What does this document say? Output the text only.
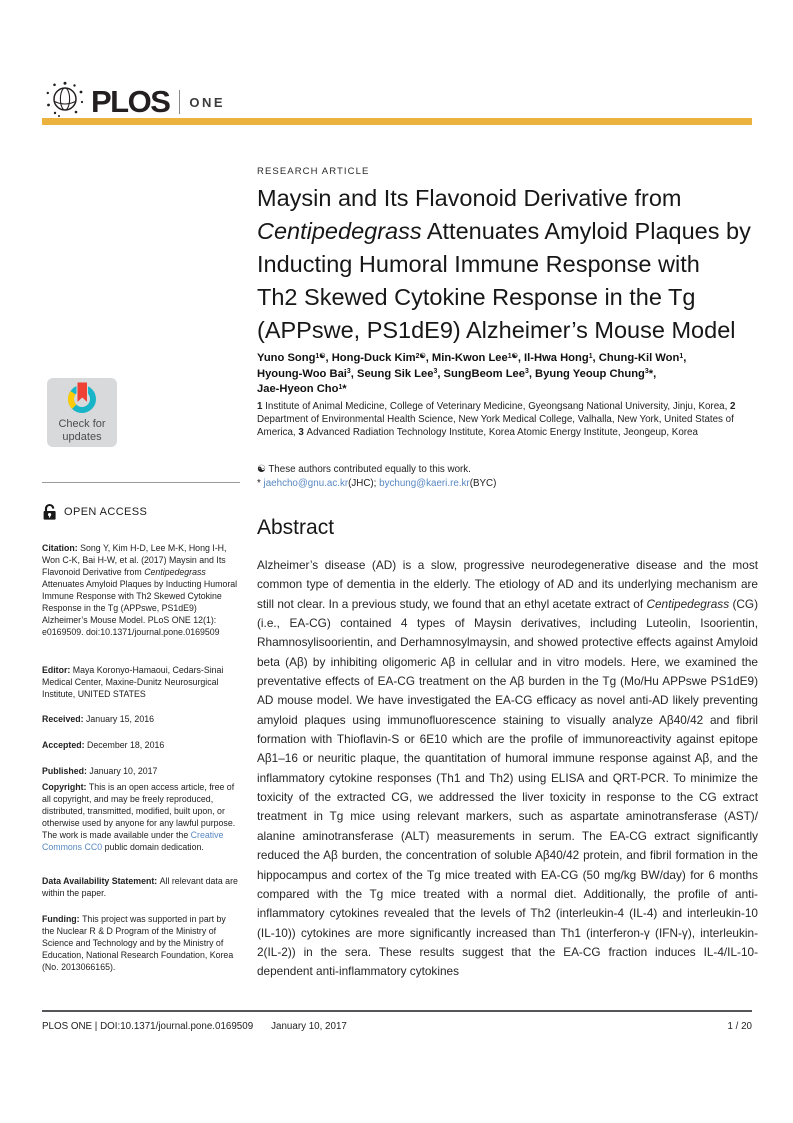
PLOS ONE
Check for
updates
OPEN ACCESS

Citation: Song Y, Kim H-D, Lee M-K, Hong I-H, Won C-K, Bai H-W, et al. (2017) Maysin and Its Flavonoid Derivative from Centipedegrass Attenuates Amyloid Plaques by Inducting Humoral Immune Response with Th2 Skewed Cytokine Response in the Tg (APPswe, PS1dE9) Alzheimer’s Mouse Model. PLoS ONE 12(1): e0169509. doi:10.1371/journal.pone.0169509

Editor: Maya Koronyo-Hamaoui, Cedars-Sinai Medical Center, Maxine-Dunitz Neurosurgical Institute, UNITED STATES

Received: January 15, 2016

Accepted: December 18, 2016

Published: January 10, 2017

Copyright: This is an open access article, free of all copyright, and may be freely reproduced, distributed, transmitted, modified, built upon, or otherwise used by anyone for any lawful purpose. The work is made available under the Creative Commons CC0 public domain dedication.

Data Availability Statement: All relevant data are within the paper.

Funding: This project was supported in part by the Nuclear R & D Program of the Ministry of Science and Technology and by the Ministry of Education, National Research Foundation, Korea (No. 2013066165).

RESEARCH ARTICLE
Maysin and Its Flavonoid Derivative from
Centipedegrass Attenuates Amyloid Plaques by
Inducting Humoral Immune Response with
Th2 Skewed Cytokine Response in the Tg
(APPswe, PS1dE9) Alzheimer’s Mouse Model

Yuno Song$^{1☯}$, Hong-Duck Kim$^{2☯}$, Min-Kwon Lee$^{1☯}$, Il-Hwa Hong$^1$, Chung-Kil Won$^1$,
Hyoung-Woo Bai$^3$, Seung Sik Lee$^3$, SungBeom Lee$^3$, Byung Yeoup Chung$^3$*,
Jae-Hyeon Cho$^1$*

1 Institute of Animal Medicine, College of Veterinary Medicine, Gyeongsang National University, Jinju, Korea, 2 Department of Environmental Health Science, New York Medical College, Valhalla, New York, United States of America, 3 Advanced Radiation Technology Institute, Korea Atomic Energy Institute, Jeongeup, Korea

☯ These authors contributed equally to this work.

* jaehcho@gnu.ac.kr(JHC); bychung@kaeri.re.kr(BYC)

Abstract

Alzheimer’s disease (AD) is a slow, progressive neurodegenerative disease and the most common type of dementia in the elderly. The etiology of AD and its underlying mechanism are still not clear. In a previous study, we found that an ethyl acetate extract of Centipedegrass (CG) (i.e., EA-CG) contained 4 types of Maysin derivatives, including Luteolin, Isoorientin, Rhamnosylisoorientin, and Derhamnosylmaysin, and showed protective effects against Amyloid beta (Aβ) by inhibiting oligomeric Aβ in cellular and in vitro models. Here, we examined the preventative effects of EA-CG treatment on the Aβ burden in the Tg (Mo/Hu APPswe PS1dE9) AD mouse model. We have investigated the EA-CG efficacy as novel anti-AD likely preventing amyloid plaques using immunofluorescence staining to visually analyze Aβ40/42 and fibril formation with Thioflavin-S or 6E10 which are the profile of immunoreactivity against epitope Aβ1–16 or neuritic plaque, the quantitation of humoral immune response against Aβ, and the inflammatory cytokine responses (Th1 and Th2) using ELISA and QRT-PCR. To minimize the toxicity of the extracted CG, we addressed the liver toxicity in response to the CG extract treatment in Tg mice using relevant markers, such as aspartate aminotransferase (AST)/ alanine aminotransferase (ALT) measurements in serum. The EA-CG extract significantly reduced the Aβ burden, the concentration of soluble Aβ40/42 protein, and fibril formation in the hippocampus and cortex of the Tg mice treated with EA-CG (50 mg/kg BW/day) for 6 months compared with the Tg mice treated with a normal diet. Additionally, the profile of anti-inflammatory cytokines revealed that the levels of Th2 (interleukin-4 (IL-4) and interleukin-10 (IL-10)) cytokines are more significantly increased than Th1 (interferon-γ (IFN-γ), interleukin-2(IL-2)) in the sera. These results suggest that the EA-CG fraction induces IL-4/IL-10-dependent anti-inflammatory cytokines

PLOS ONE | DOI:10.1371/journal.pone.0169509 January 10, 2017	1 / 20
